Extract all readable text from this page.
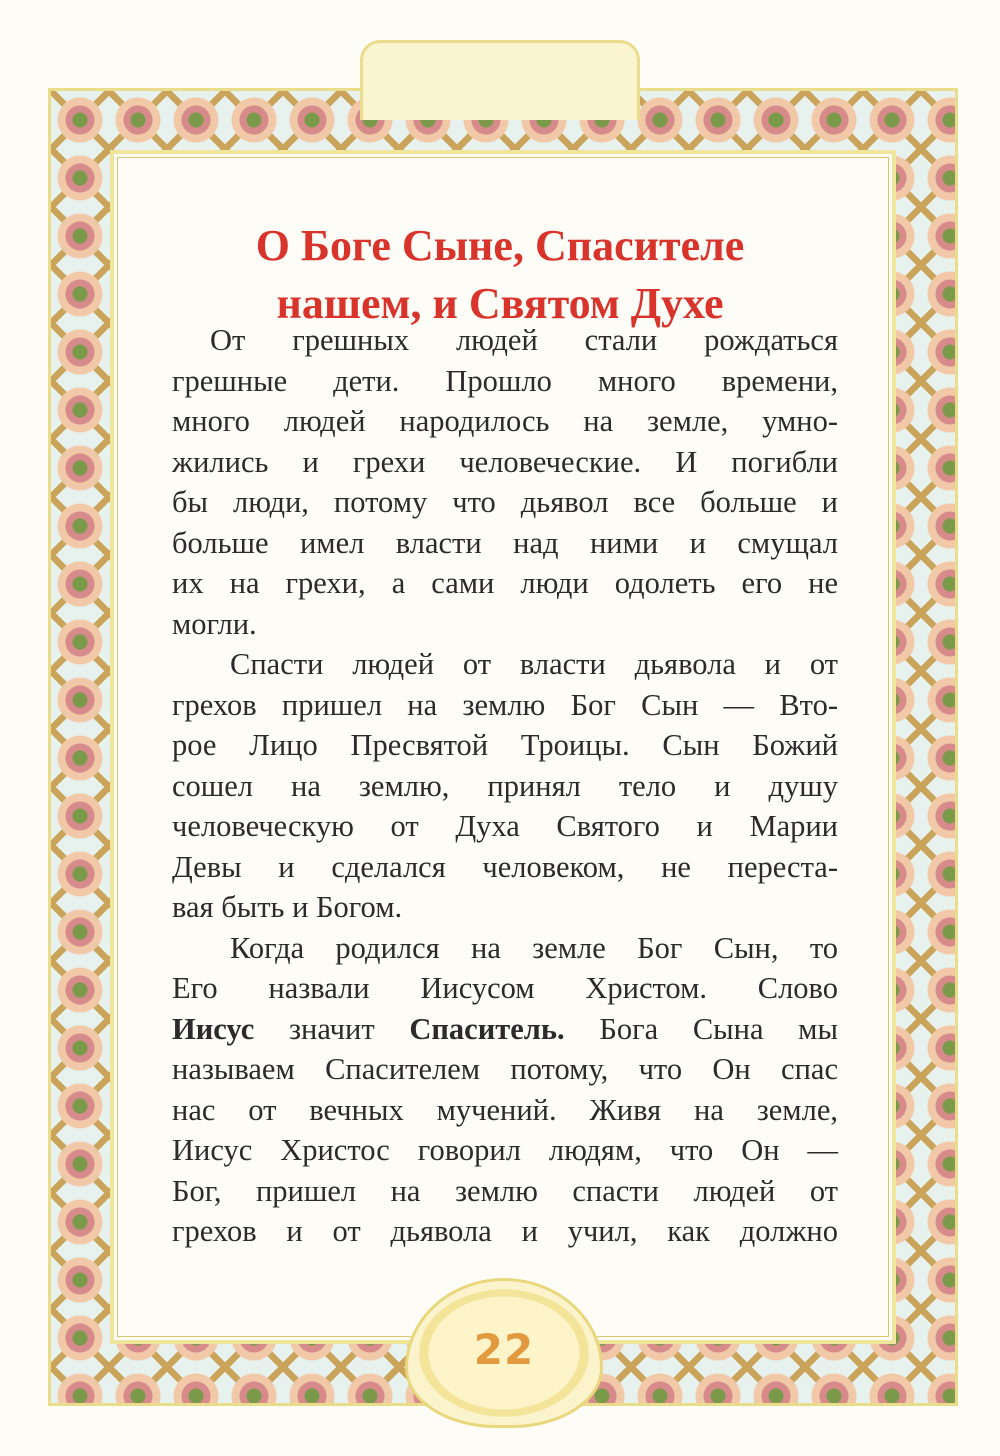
О Боге Сыне, Спасителе
нашем, и Святом Духе

От грешных людей стали рождаться
грешные дети. Прошло много времени,
много людей народилось на земле, умно-
жились и грехи человеческие. И погибли
бы люди, потому что дьявол все больше и
больше имел власти над ними и смущал
их на грехи, а сами люди одолеть его не
могли.

Спасти людей от власти дьявола и от
грехов пришел на землю Бог Сын — Вто-
рое Лицо Пресвятой Троицы. Сын Божий
сошел на землю, принял тело и душу
человеческую от Духа Святого и Марии
Девы и сделался человеком, не переста-
вая быть и Богом.

Когда родился на земле Бог Сын, то
Его назвали Иисусом Христом. Слово
Иисус значит Спаситель. Бога Сына мы
называем Спасителем потому, что Он спас
нас от вечных мучений. Живя на земле,
Иисус Христос говорил людям, что Он —
Бог, пришел на землю спасти людей от
грехов и от дьявола и учил, как должно

22
